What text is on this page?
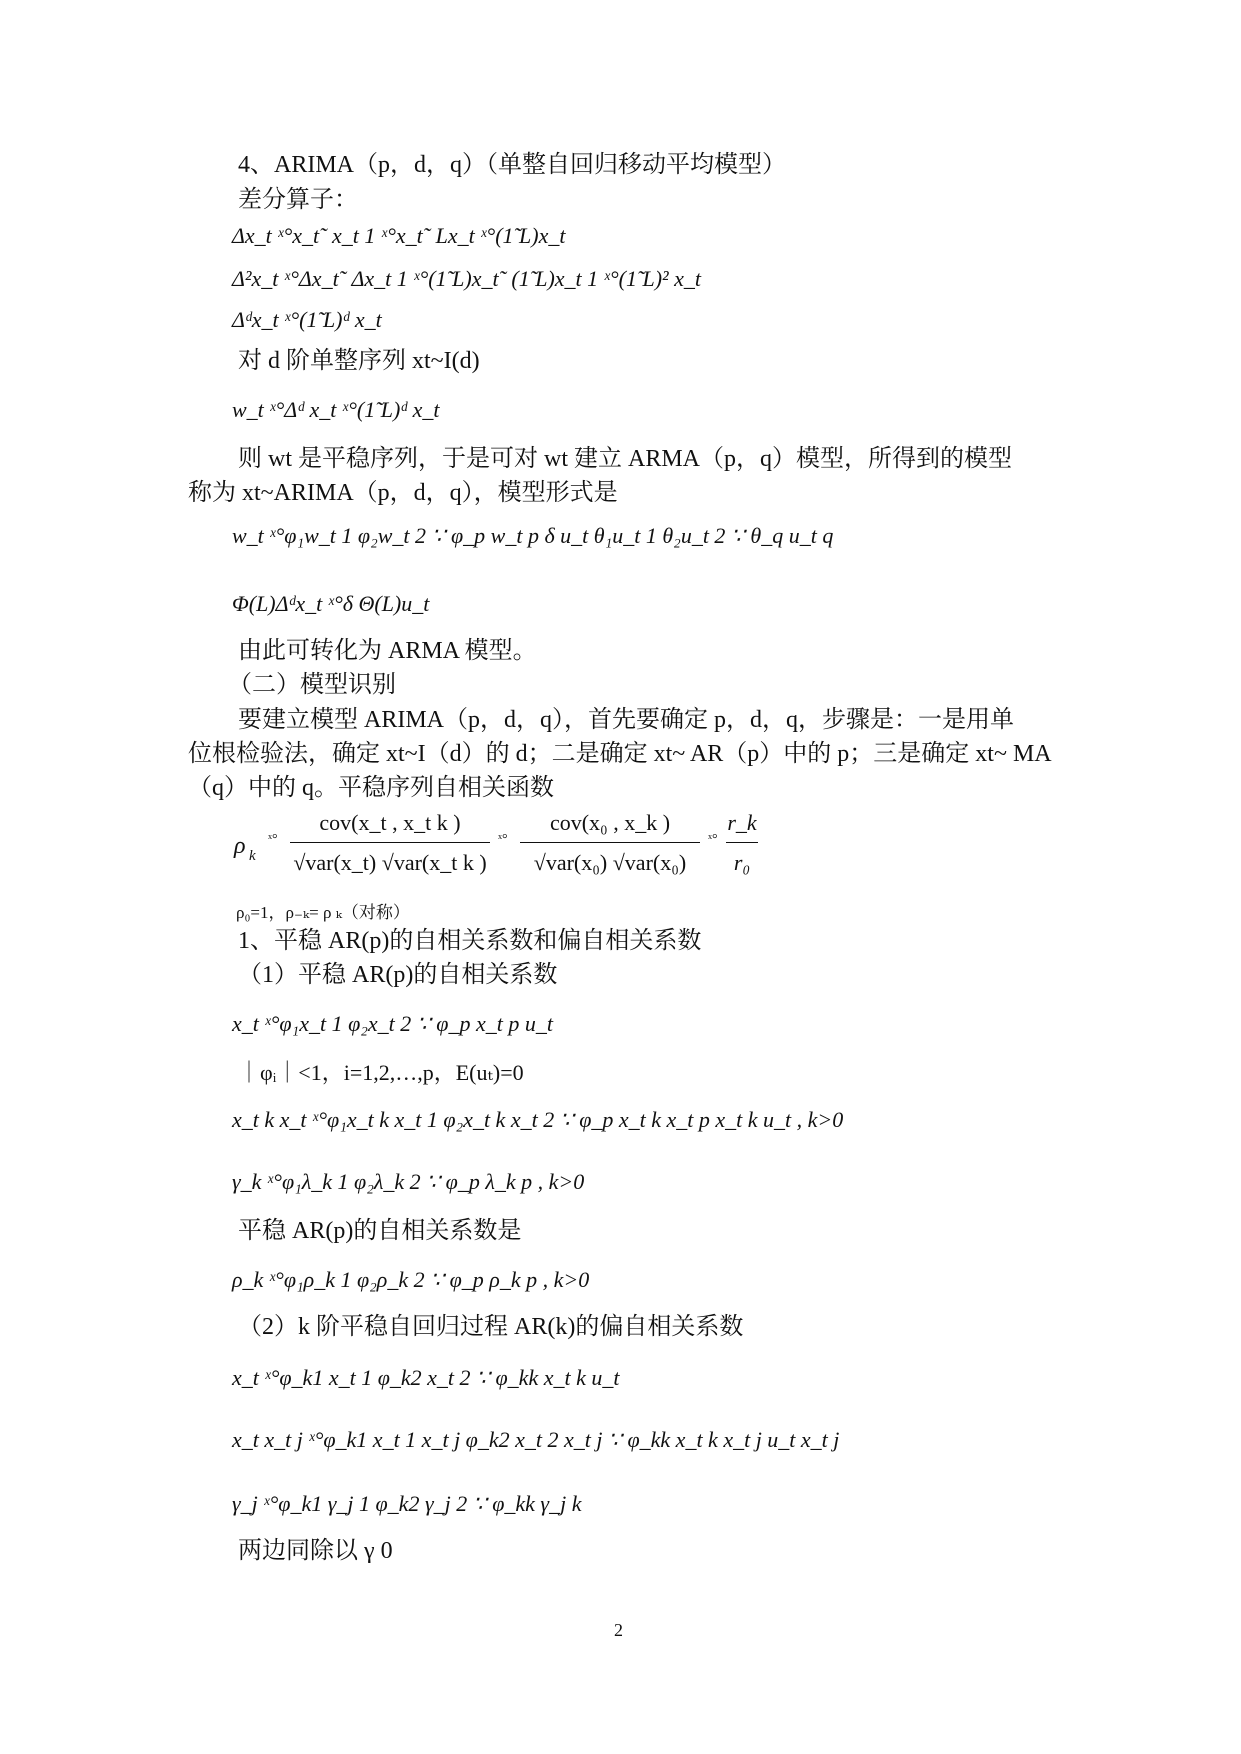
4、ARIMA（p，d，q）（单整自回归移动平均模型）
差分算子：
Δx_t ˣ°x_t˜ x_t 1 ˣ°x_t˜ Lx_t ˣ°(1̃ L)x_t
Δ²x_t ˣ°Δx_t˜ Δx_t 1 ˣ°(1̃ L)x_t˜ (1̃ L)x_t 1 ˣ°(1̃ L)² x_t
Δᵈx_t ˣ°(1̃ L)ᵈ x_t
对 d 阶单整序列 xt~I(d)
w_t ˣ°Δᵈ x_t ˣ°(1̃ L)ᵈ x_t
则 wt 是平稳序列，于是可对 wt 建立 ARMA（p，q）模型，所得到的模型
称为 xt~ARIMA（p，d，q），模型形式是
w_t ˣ°φ₁w_t 1 φ₂w_t 2 ∵ φ_p w_t p δ u_t θ₁u_t 1 θ₂u_t 2 ∵ θ_q u_t q
Φ(L)Δᵈx_t ˣ°δ Θ(L)u_t
由此可转化为 ARMA 模型。
（二）模型识别
要建立模型 ARIMA（p，d，q），首先要确定 p，d，q，步骤是：一是用单
位根检验法，确定 xt~I（d）的 d；二是确定 xt~ AR（p）中的 p；三是确定 xt~ MA
（q）中的 q。平稳序列自相关函数
ρ k
ˣ°
cov(x_t , x_t k )
√var(x_t) √var(x_t k )
ˣ°
cov(x₀ , x_k )
√var(x₀) √var(x₀)
ˣ°
r_k
r₀
ρ₀=1，ρ₋ₖ= ρ ₖ（对称）
1、平稳 AR(p)的自相关系数和偏自相关系数
（1）平稳 AR(p)的自相关系数
x_t ˣ°φ₁x_t 1 φ₂x_t 2 ∵ φ_p x_t p u_t
｜φᵢ｜<1，i=1,2,…,p，E(uₜ)=0
x_t k x_t ˣ°φ₁x_t k x_t 1 φ₂x_t k x_t 2 ∵ φ_p x_t k x_t p x_t k u_t , k>0
γ_k ˣ°φ₁λ_k 1 φ₂λ_k 2 ∵ φ_p λ_k p , k>0
平稳 AR(p)的自相关系数是
ρ_k ˣ°φ₁ρ_k 1 φ₂ρ_k 2 ∵ φ_p ρ_k p , k>0
（2）k 阶平稳自回归过程 AR(k)的偏自相关系数
x_t ˣ°φ_k1 x_t 1 φ_k2 x_t 2 ∵ φ_kk x_t k u_t
x_t x_t j ˣ°φ_k1 x_t 1 x_t j φ_k2 x_t 2 x_t j ∵ φ_kk x_t k x_t j u_t x_t j
γ_j ˣ°φ_k1 γ_j 1 φ_k2 γ_j 2 ∵ φ_kk γ_j k
两边同除以 γ 0
2
